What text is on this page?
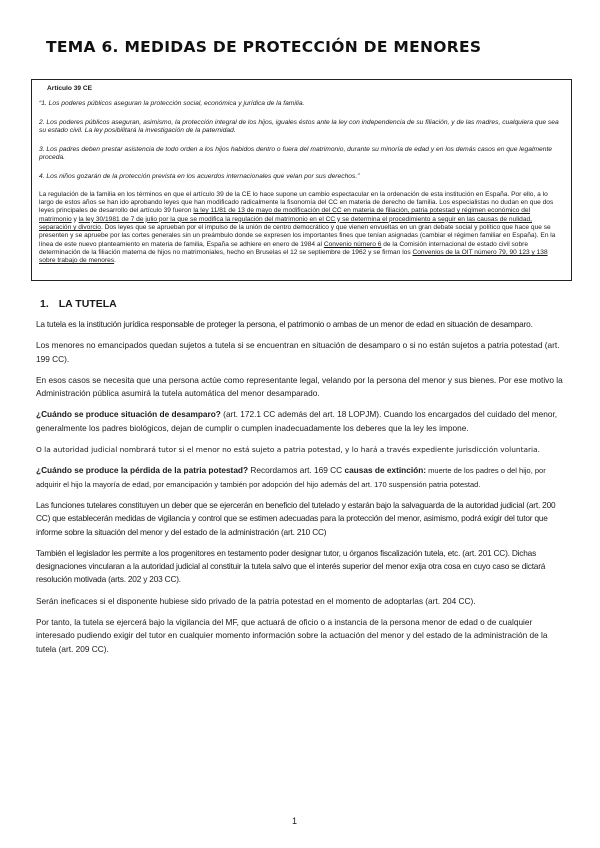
TEMA 6. MEDIDAS DE PROTECCIÓN DE MENORES

Artículo 39 CE

“1. Los poderes públicos aseguran la protección social, económica y jurídica de la familia.

2. Los poderes públicos aseguran, asimismo, la protección integral de los hijos, iguales éstos ante la ley con independencia de su filiación, y de las madres, cualquiera que sea su estado civil. La ley posibilitará la investigación de la paternidad.

3. Los padres deben prestar asistencia de todo orden a los hijos habidos dentro o fuera del matrimonio, durante su minoría de edad y en los demás casos en que legalmente proceda.

4. Los niños gozarán de la protección prevista en los acuerdos internacionales que velan por sus derechos.”

La regulación de la familia en los términos en que el artículo 39 de la CE lo hace supone un cambio espectacular en la ordenación de esta institución en España. Por ello, a lo largo de estos años se han ido aprobando leyes que han modificado radicalmente la fisonomía del CC en materia de derecho de familia. Los especialistas no dudan en que dos leyes principales de desarrollo del artículo 39 fueron la ley 11/81 de 13 de mayo de modificación del CC en materia de filiación, patria potestad y régimen económico del matrimonio y la ley 30/1981 de 7 de julio por la que se modifica la regulación del matrimonio en el CC y se determina el procedimiento a seguir en las causas de nulidad, separación y divorcio. Dos leyes que se aprueban por el impulso de la unión de centro democrático y que vienen envueltas en un gran debate social y político que hace que se presenten y se apruebe por las cortes generales sin un preámbulo donde se expresen los importantes fines que tenían asignadas (cambiar el régimen familiar en España). En la línea de este nuevo planteamiento en materia de familia, España se adhiere en enero de 1984 al Convenio número 6 de la Comisión internacional de estado civil sobre determinación de la filiación materna de hijos no matrimoniales, hecho en Bruselas el 12 se septiembre de 1962 y se firman los Convenios de la OIT número 79, 90 123 y 138 sobre trabajo de menores.

1. LA TUTELA

La tutela es la institución jurídica responsable de proteger la persona, el patrimonio o ambas de un menor de edad en situación de desamparo.

Los menores no emancipados quedan sujetos a tutela si se encuentran en situación de desamparo o si no están sujetos a patria potestad (art. 199 CC).

En esos casos se necesita que una persona actúe como representante legal, velando por la persona del menor y sus bienes. Por ese motivo la Administración pública asumirá la tutela automática del menor desamparado.

¿Cuándo se produce situación de desamparo? (art. 172.1 CC además del art. 18 LOPJM). Cuando los encargados del cuidado del menor, generalmente los padres biológicos, dejan de cumplir o cumplen inadecuadamente los deberes que la ley les impone.

O la autoridad judicial nombrará tutor si el menor no está sujeto a patria potestad, y lo hará a través expediente jurisdicción voluntaria.

¿Cuándo se produce la pérdida de la patria potestad? Recordamos art. 169 CC causas de extinción: muerte de los padres o del hijo, por adquirir el hijo la mayoría de edad, por emancipación y también por adopción del hijo además del art. 170 suspensión patria potestad.

Las funciones tutelares constituyen un deber que se ejercerán en beneficio del tutelado y estarán bajo la salvaguarda de la autoridad judicial (art. 200 CC) que establecerán medidas de vigilancia y control que se estimen adecuadas para la protección del menor, asimismo, podrá exigir del tutor que informe sobre la situación del menor y del estado de la administración (art. 210 CC)

También el legislador les permite a los progenitores en testamento poder designar tutor, u órganos fiscalización tutela, etc. (art. 201 CC). Dichas designaciones vincularan a la autoridad judicial al constituir la tutela salvo que el interés superior del menor exija otra cosa en cuyo caso se dictará resolución motivada (arts. 202 y 203 CC).

Serán ineficaces si el disponente hubiese sido privado de la patria potestad en el momento de adoptarlas (art. 204 CC).

Por tanto, la tutela se ejercerá bajo la vigilancia del MF, que actuará de oficio o a instancia de la persona menor de edad o de cualquier interesado pudiendo exigir del tutor en cualquier momento información sobre la actuación del menor y del estado de la administración de la tutela (art. 209 CC).

1
